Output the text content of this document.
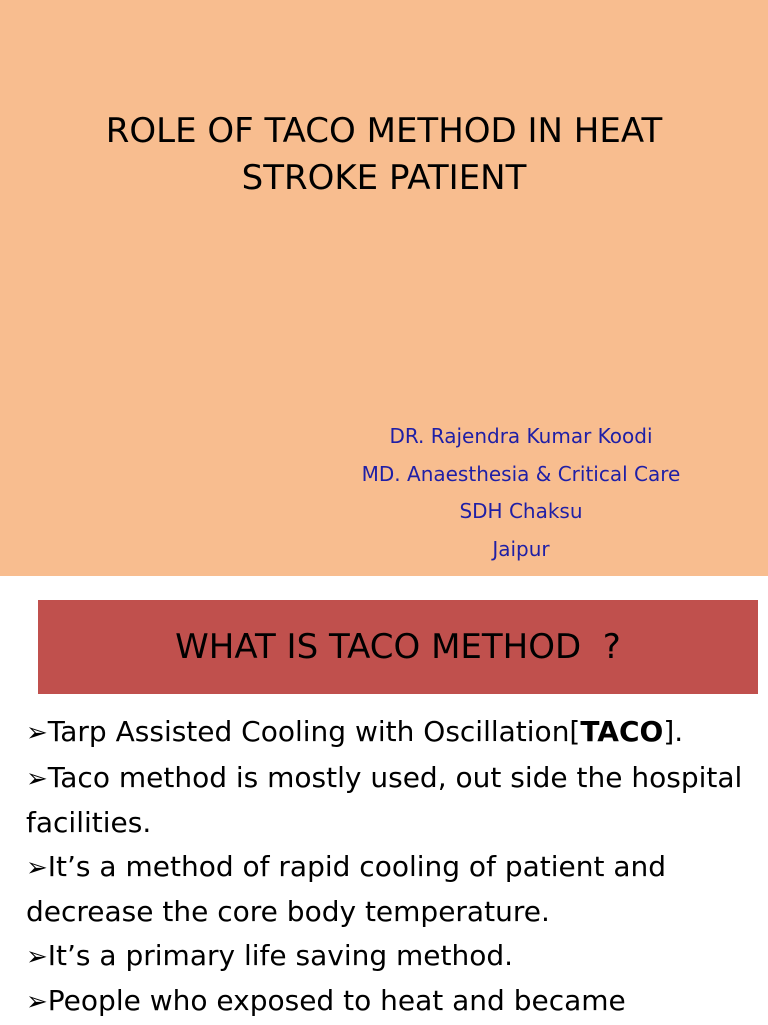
ROLE OF TACO METHOD IN HEAT
STROKE PATIENT
DR. Rajendra Kumar Koodi
MD. Anaesthesia & Critical Care
SDH Chaksu
Jaipur
WHAT IS TACO METHOD  ?

➢Tarp Assisted Cooling with Oscillation[TACO].

➢Taco method is mostly used, out side the hospital facilities.

➢It’s a method of rapid cooling of patient and decrease the core body temperature.

➢It’s a primary life saving method.

➢People who exposed to heat and became
